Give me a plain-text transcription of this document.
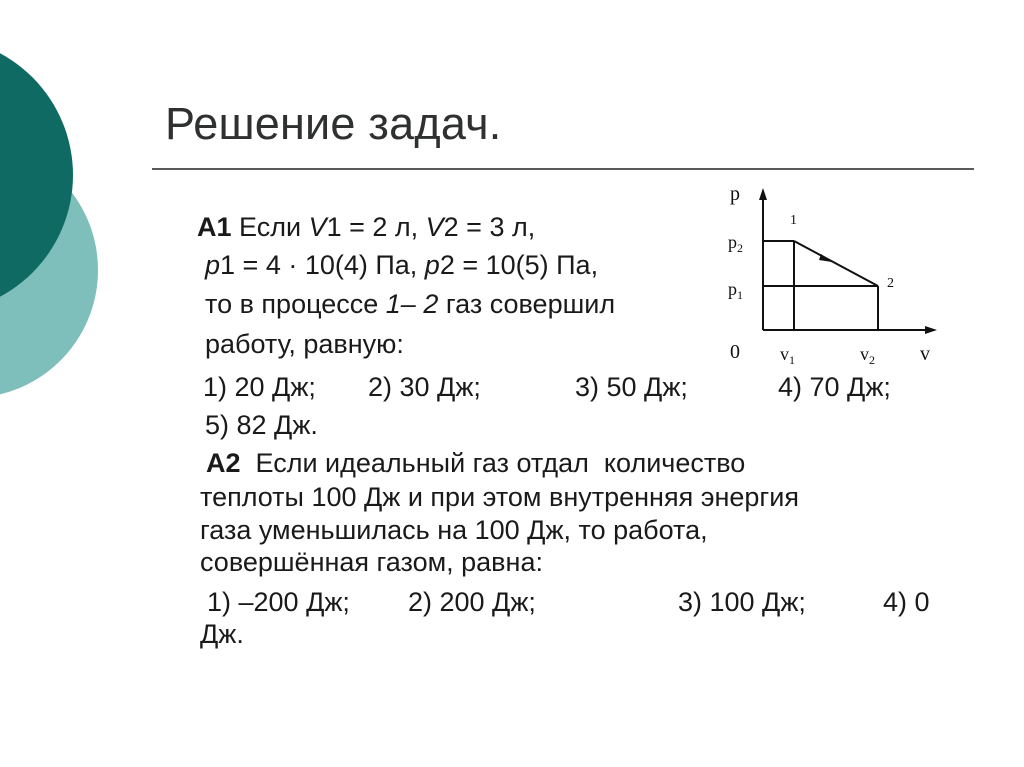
Решение задач.
А1 Если V1 = 2 л, V2 = 3 л,
p1 = 4 · 10(4) Па, p2 = 10(5) Па,
то в процессе 1– 2 газ совершил
работу, равную:
1) 20 Дж; 2) 30 Дж;	3) 50 Дж;	4) 70 Дж;
5) 82 Дж.
А2  Если идеальный газ отдал  количество
теплоты 100 Дж и при этом внутренняя энергия
газа уменьшилась на 100 Дж, то работа,
совершённая газом, равна:
1) –200 Дж; 2) 200 Дж;	3) 100 Дж;	4) 0
Дж.
p
v
0
$p_2$
$p_1$
$v_1$	$v_2$
1
2
